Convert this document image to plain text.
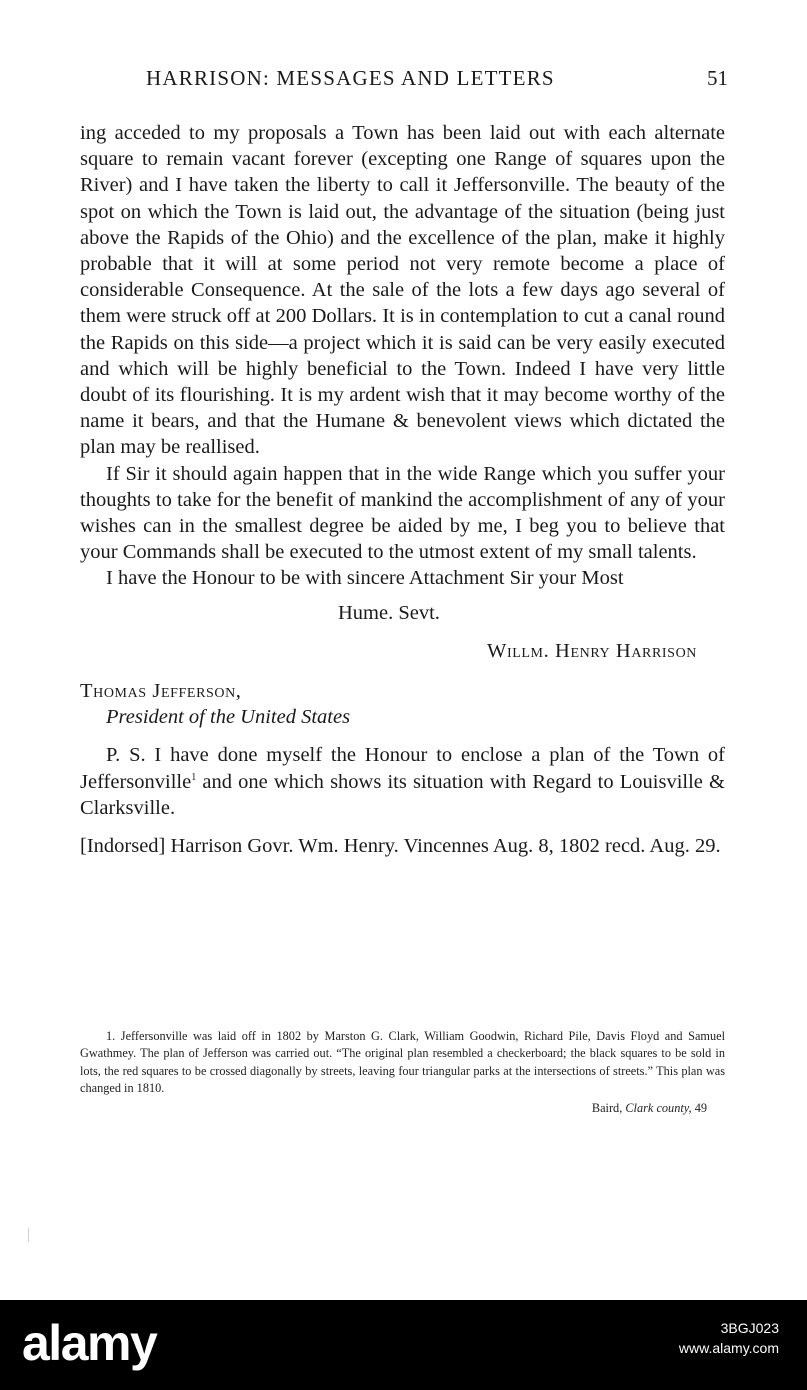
HARRISON: MESSAGES AND LETTERS	51

ing acceded to my proposals a Town has been laid out with each alternate square to remain vacant forever (excepting one Range of squares upon the River) and I have taken the liberty to call it Jeffersonville. The beauty of the spot on which the Town is laid out, the advantage of the situation (being just above the Rapids of the Ohio) and the excellence of the plan, make it highly probable that it will at some period not very remote become a place of considerable Consequence. At the sale of the lots a few days ago several of them were struck off at 200 Dollars. It is in contemplation to cut a canal round the Rapids on this side—a project which it is said can be very easily executed and which will be highly beneficial to the Town. Indeed I have very little doubt of its flourishing. It is my ardent wish that it may become worthy of the name it bears, and that the Humane & benevolent views which dictated the plan may be reallised.

If Sir it should again happen that in the wide Range which you suffer your thoughts to take for the benefit of mankind the accomplishment of any of your wishes can in the smallest degree be aided by me, I beg you to believe that your Commands shall be executed to the utmost extent of my small talents.

I have the Honour to be with sincere Attachment Sir your Most

Hume. Sevt.

Willm. Henry Harrison

Thomas Jefferson,

President of the United States

P. S. I have done myself the Honour to enclose a plan of the Town of Jeffersonville$^1$ and one which shows its situation with Regard to Louisville & Clarksville.

[Indorsed] Harrison Govr. Wm. Henry. Vincennes Aug. 8, 1802 recd. Aug. 29.

1. Jeffersonville was laid off in 1802 by Marston G. Clark, William Goodwin, Richard Pile, Davis Floyd and Samuel Gwathmey. The plan of Jefferson was carried out. “The original plan resembled a checkerboard; the black squares to be sold in lots, the red squares to be crossed diagonally by streets, leaving four triangular parks at the intersections of streets.” This plan was changed in 1810.

Baird, Clark county, 49

alamy	3BGJ023
www.alamy.com
